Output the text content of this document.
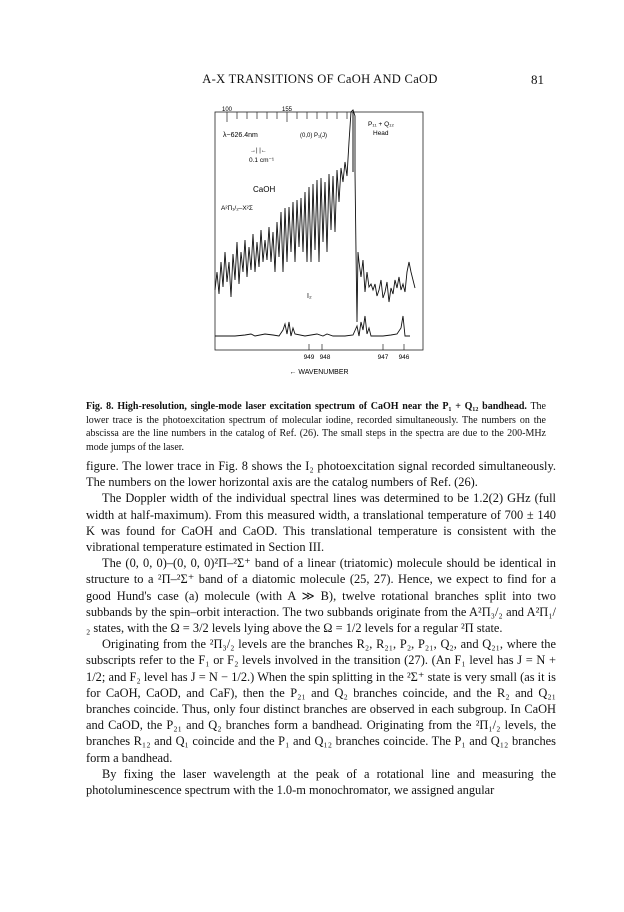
A-X TRANSITIONS OF CaOH AND CaOD	81
100	155
λ~626.4nm	(0,0) P₁(J)
→| |←
0.1 cm⁻¹
P₁₁ + Q₁₂
Head
CaOH
A²Π₁/₂–X²Σ
I₂
949 948	947 946
← WAVENUMBER
Fig. 8. High-resolution, single-mode laser excitation spectrum of CaOH near the P₁ + Q₁₂ bandhead. The lower trace is the photoexcitation spectrum of molecular iodine, recorded simultaneously. The numbers on the abscissa are the line numbers in the catalog of Ref. (26). The small steps in the spectra are due to the 200-MHz mode jumps of the laser.

figure. The lower trace in Fig. 8 shows the I₂ photoexcitation signal recorded simultaneously. The numbers on the lower horizontal axis are the catalog numbers of Ref. (26).

The Doppler width of the individual spectral lines was determined to be 1.2(2) GHz (full width at half-maximum). From this measured width, a translational temperature of 700 ± 140 K was found for CaOH and CaOD. This translational temperature is consistent with the vibrational temperature estimated in Section III.

The (0, 0, 0)–(0, 0, 0)²Π–²Σ⁺ band of a linear (triatomic) molecule should be identical in structure to a ²Π–²Σ⁺ band of a diatomic molecule (25, 27). Hence, we expect to find for a good Hund's case (a) molecule (with A ≫ B), twelve rotational branches split into two subbands by the spin–orbit interaction. The two subbands originate from the A²Π₃/₂ and A²Π₁/₂ states, with the Ω = 3/2 levels lying above the Ω = 1/2 levels for a regular ²Π state.

Originating from the ²Π₃/₂ levels are the branches R₂, R₂₁, P₂, P₂₁, Q₂, and Q₂₁, where the subscripts refer to the F₁ or F₂ levels involved in the transition (27). (An F₁ level has J = N + 1/2; and F₂ level has J = N − 1/2.) When the spin splitting in the ²Σ⁺ state is very small (as it is for CaOH, CaOD, and CaF), then the P₂₁ and Q₂ branches coincide, and the R₂ and Q₂₁ branches coincide. Thus, only four distinct branches are observed in each subgroup. In CaOH and CaOD, the P₂₁ and Q₂ branches form a bandhead. Originating from the ²Π₁/₂ levels, the branches R₁₂ and Q₁ coincide and the P₁ and Q₁₂ branches coincide. The P₁ and Q₁₂ branches form a bandhead.

By fixing the laser wavelength at the peak of a rotational line and measuring the photoluminescence spectrum with the 1.0-m monochromator, we assigned angular
